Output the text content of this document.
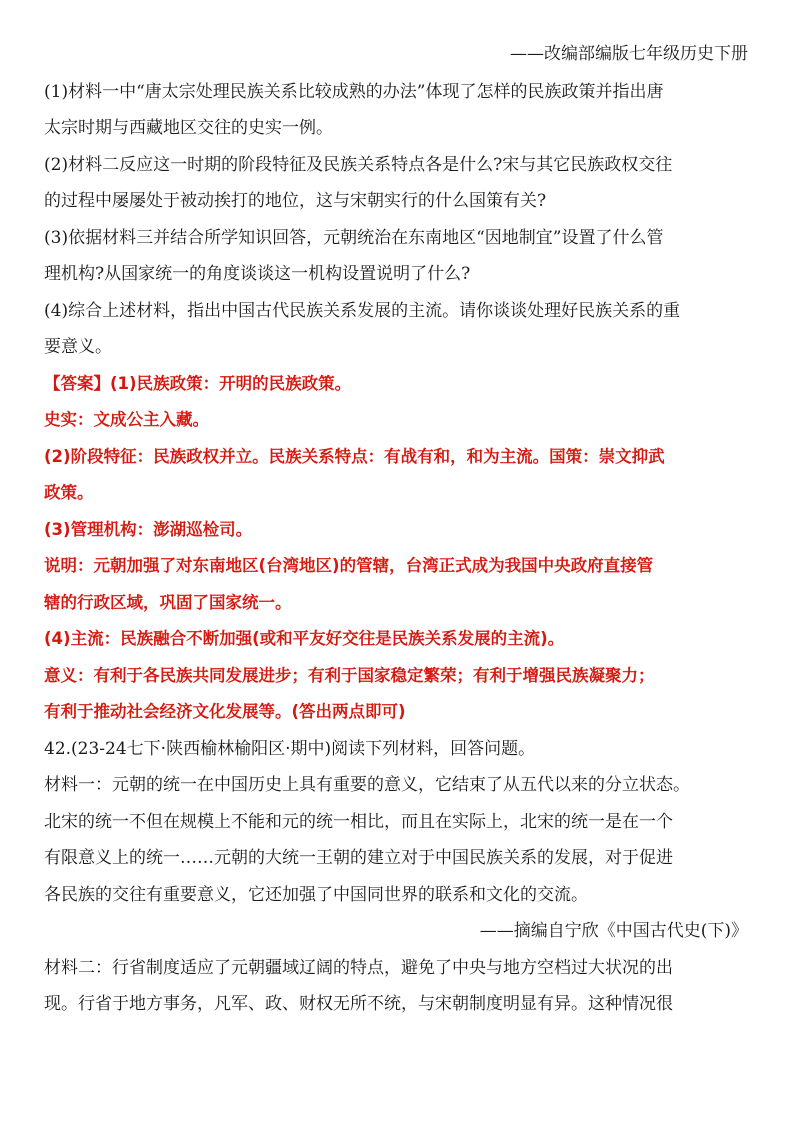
——改编部编版七年级历史下册
(1)材料一中“唐太宗处理民族关系比较成熟的办法”体现了怎样的民族政策并指出唐
太宗时期与西藏地区交往的史实一例。
(2)材料二反应这一时期的阶段特征及民族关系特点各是什么?宋与其它民族政权交往
的过程中屡屡处于被动挨打的地位，这与宋朝实行的什么国策有关?
(3)依据材料三并结合所学知识回答，元朝统治在东南地区“因地制宜”设置了什么管
理机构?从国家统一的角度谈谈这一机构设置说明了什么?
(4)综合上述材料，指出中国古代民族关系发展的主流。请你谈谈处理好民族关系的重
要意义。
【答案】(1)民族政策：开明的民族政策。
史实：文成公主入藏。
(2)阶段特征：民族政权并立。民族关系特点：有战有和，和为主流。国策：崇文抑武
政策。
(3)管理机构：澎湖巡检司。
说明：元朝加强了对东南地区(台湾地区)的管辖，台湾正式成为我国中央政府直接管
辖的行政区域，巩固了国家统一。
(4)主流：民族融合不断加强(或和平友好交往是民族关系发展的主流)。
意义：有利于各民族共同发展进步；有利于国家稳定繁荣；有利于增强民族凝聚力；
有利于推动社会经济文化发展等。(答出两点即可)
42.(23-24七下·陕西榆林榆阳区·期中)阅读下列材料，回答问题。
材料一：元朝的统一在中国历史上具有重要的意义，它结束了从五代以来的分立状态。
北宋的统一不但在规模上不能和元的统一相比，而且在实际上，北宋的统一是在一个
有限意义上的统一……元朝的大统一王朝的建立对于中国民族关系的发展，对于促进
各民族的交往有重要意义，它还加强了中国同世界的联系和文化的交流。
——摘编自宁欣《中国古代史(下)》
材料二：行省制度适应了元朝疆域辽阔的特点，避免了中央与地方空档过大状况的出
现。行省于地方事务，凡军、政、财权无所不统，与宋朝制度明显有异。这种情况很
